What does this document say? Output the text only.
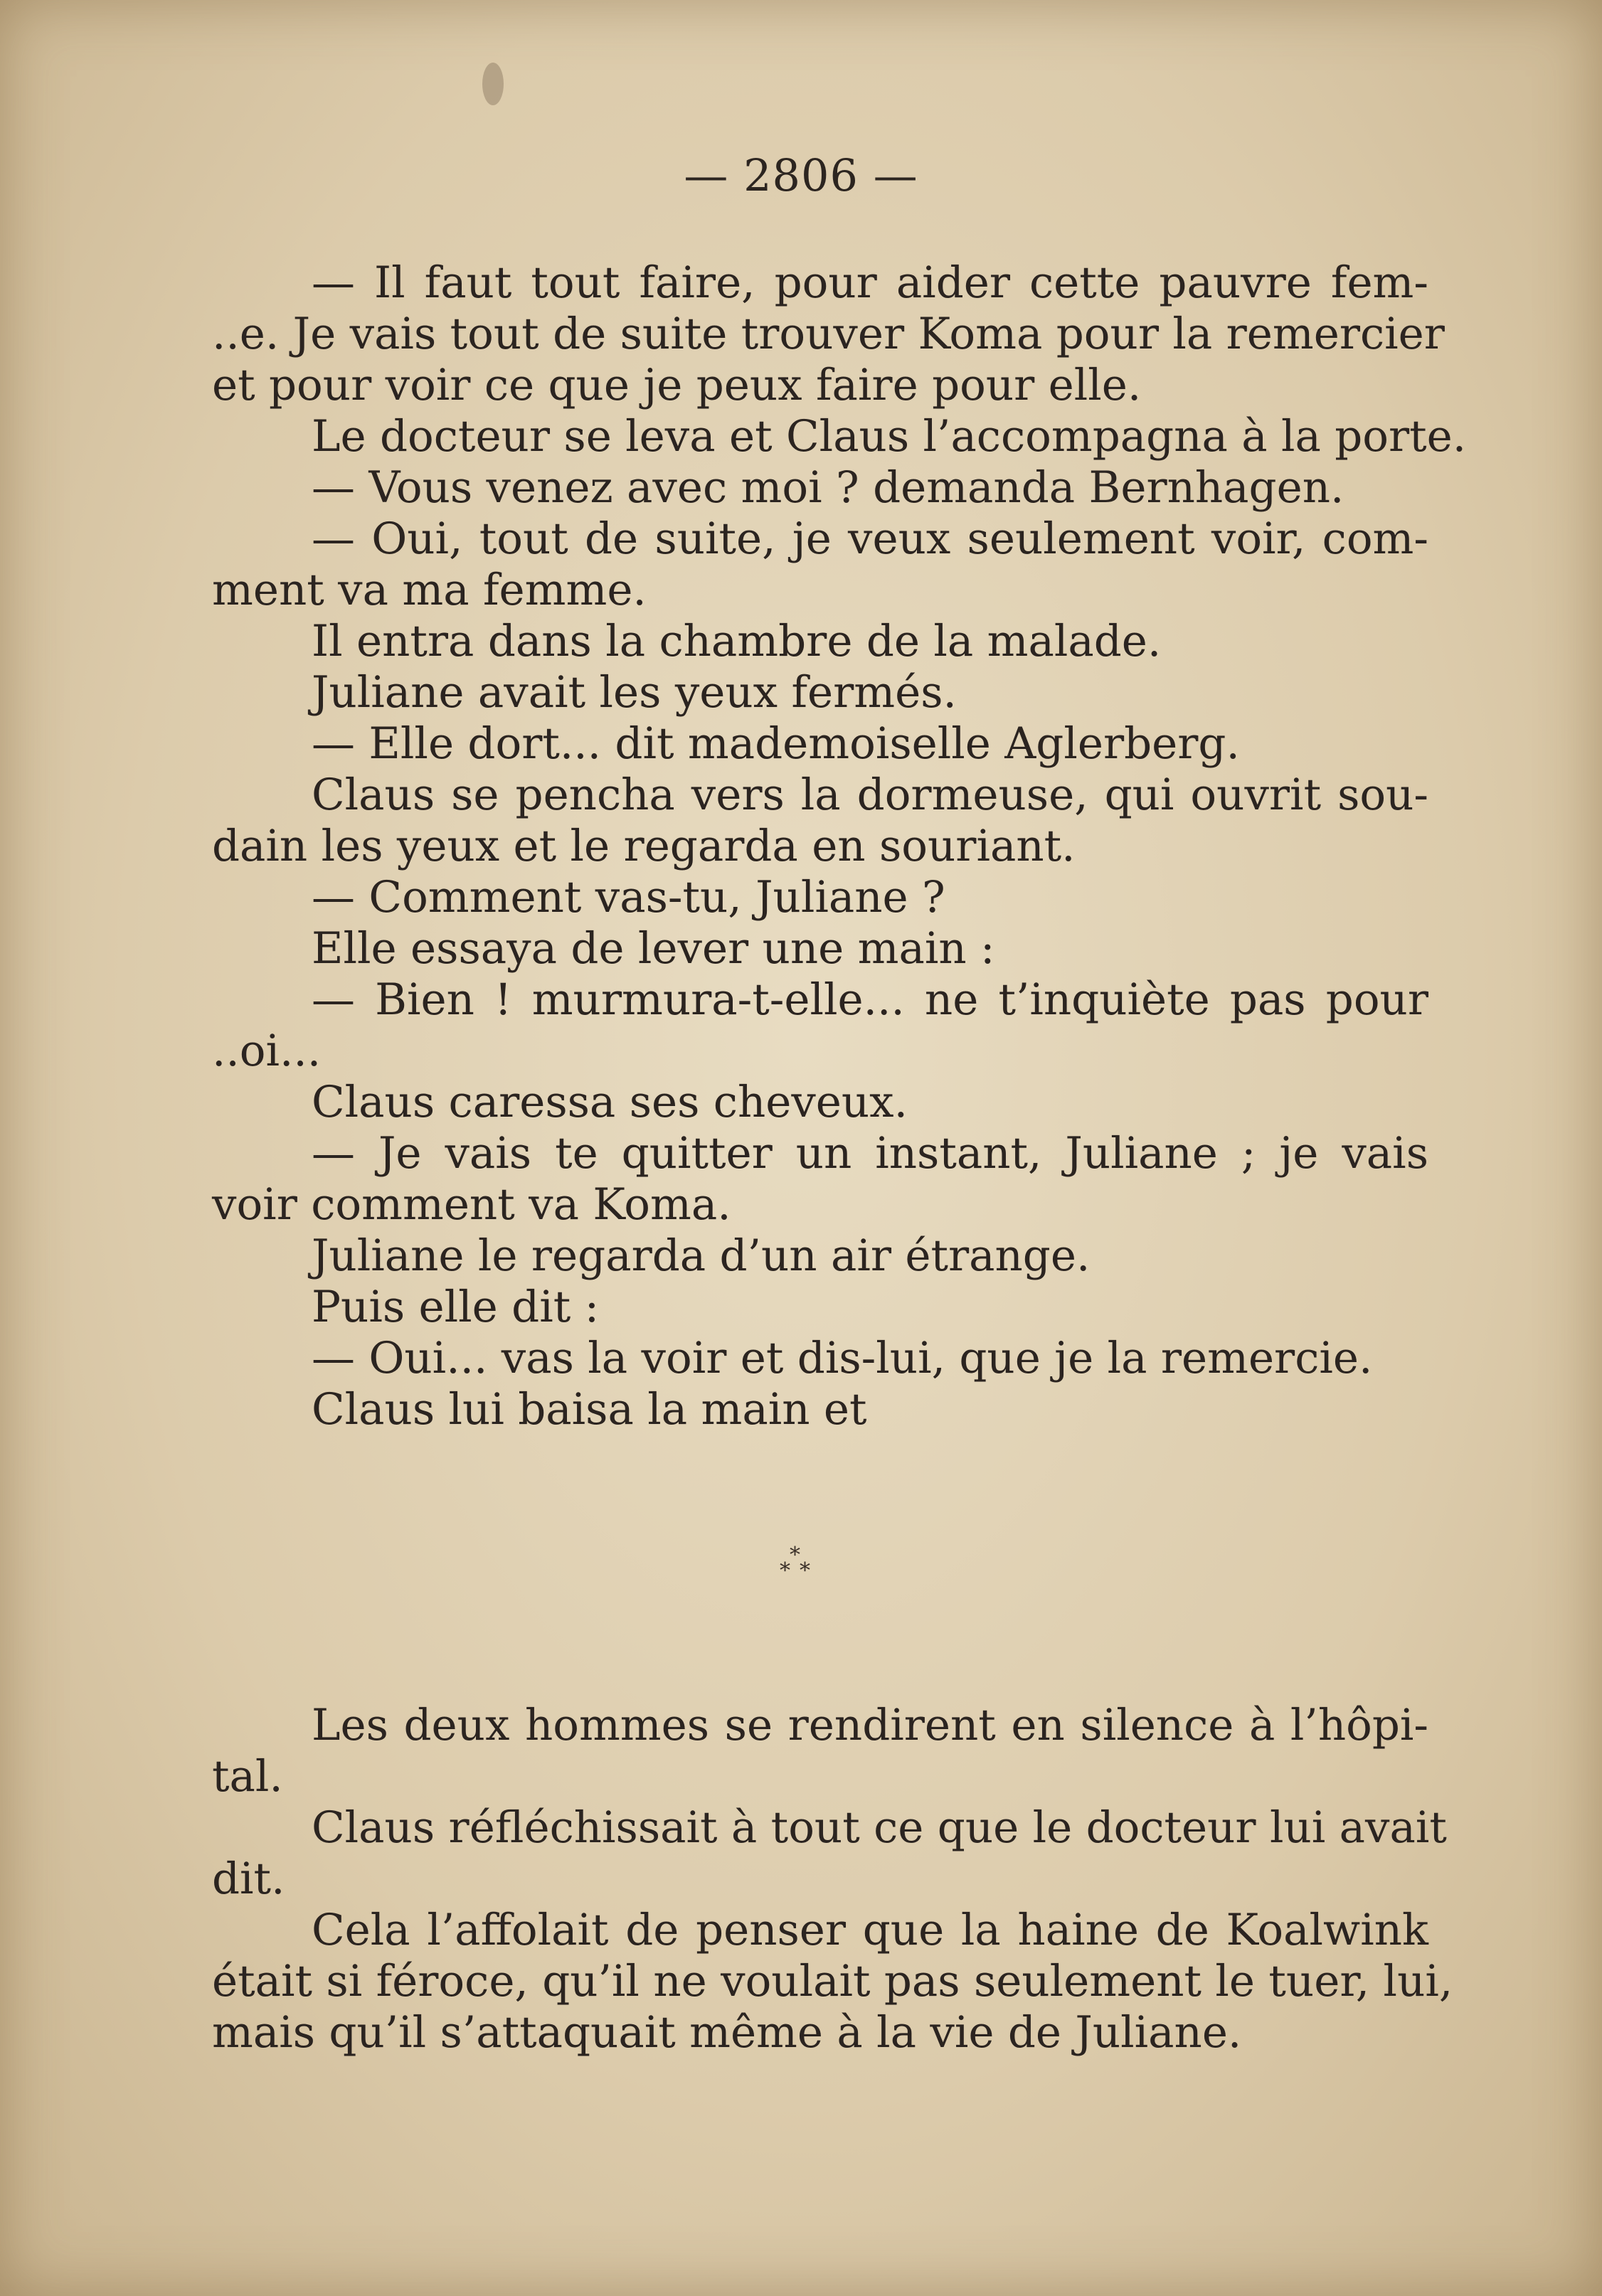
— 2806 —
— Il faut tout faire, pour aider cette pauvre fem-
..e. Je vais tout de suite trouver Koma pour la remercier
et pour voir ce que je peux faire pour elle.
Le docteur se leva et Claus l’accompagna à la porte.
— Vous venez avec moi ? demanda Bernhagen.
— Oui, tout de suite, je veux seulement voir, com-
ment va ma femme.
Il entra dans la chambre de la malade.
Juliane avait les yeux fermés.
— Elle dort... dit mademoiselle Aglerberg.
Claus se pencha vers la dormeuse, qui ouvrit sou-
dain les yeux et le regarda en souriant.
— Comment vas-tu, Juliane ?
Elle essaya de lever une main :
— Bien ! murmura-t-elle... ne t’inquiète pas pour
..oi...
Claus caressa ses cheveux.
— Je vais te quitter un instant, Juliane ; je vais
voir comment va Koma.
Juliane le regarda d’un air étrange.
Puis elle dit :
— Oui... vas la voir et dis-lui, que je la remercie.
Claus lui baisa la main et
*
* *
Les deux hommes se rendirent en silence à l’hôpi-
tal.
Claus réfléchissait à tout ce que le docteur lui avait
dit.
Cela l’affolait de penser que la haine de Koalwink
était si féroce, qu’il ne voulait pas seulement le tuer, lui,
mais qu’il s’attaquait même à la vie de Juliane.
